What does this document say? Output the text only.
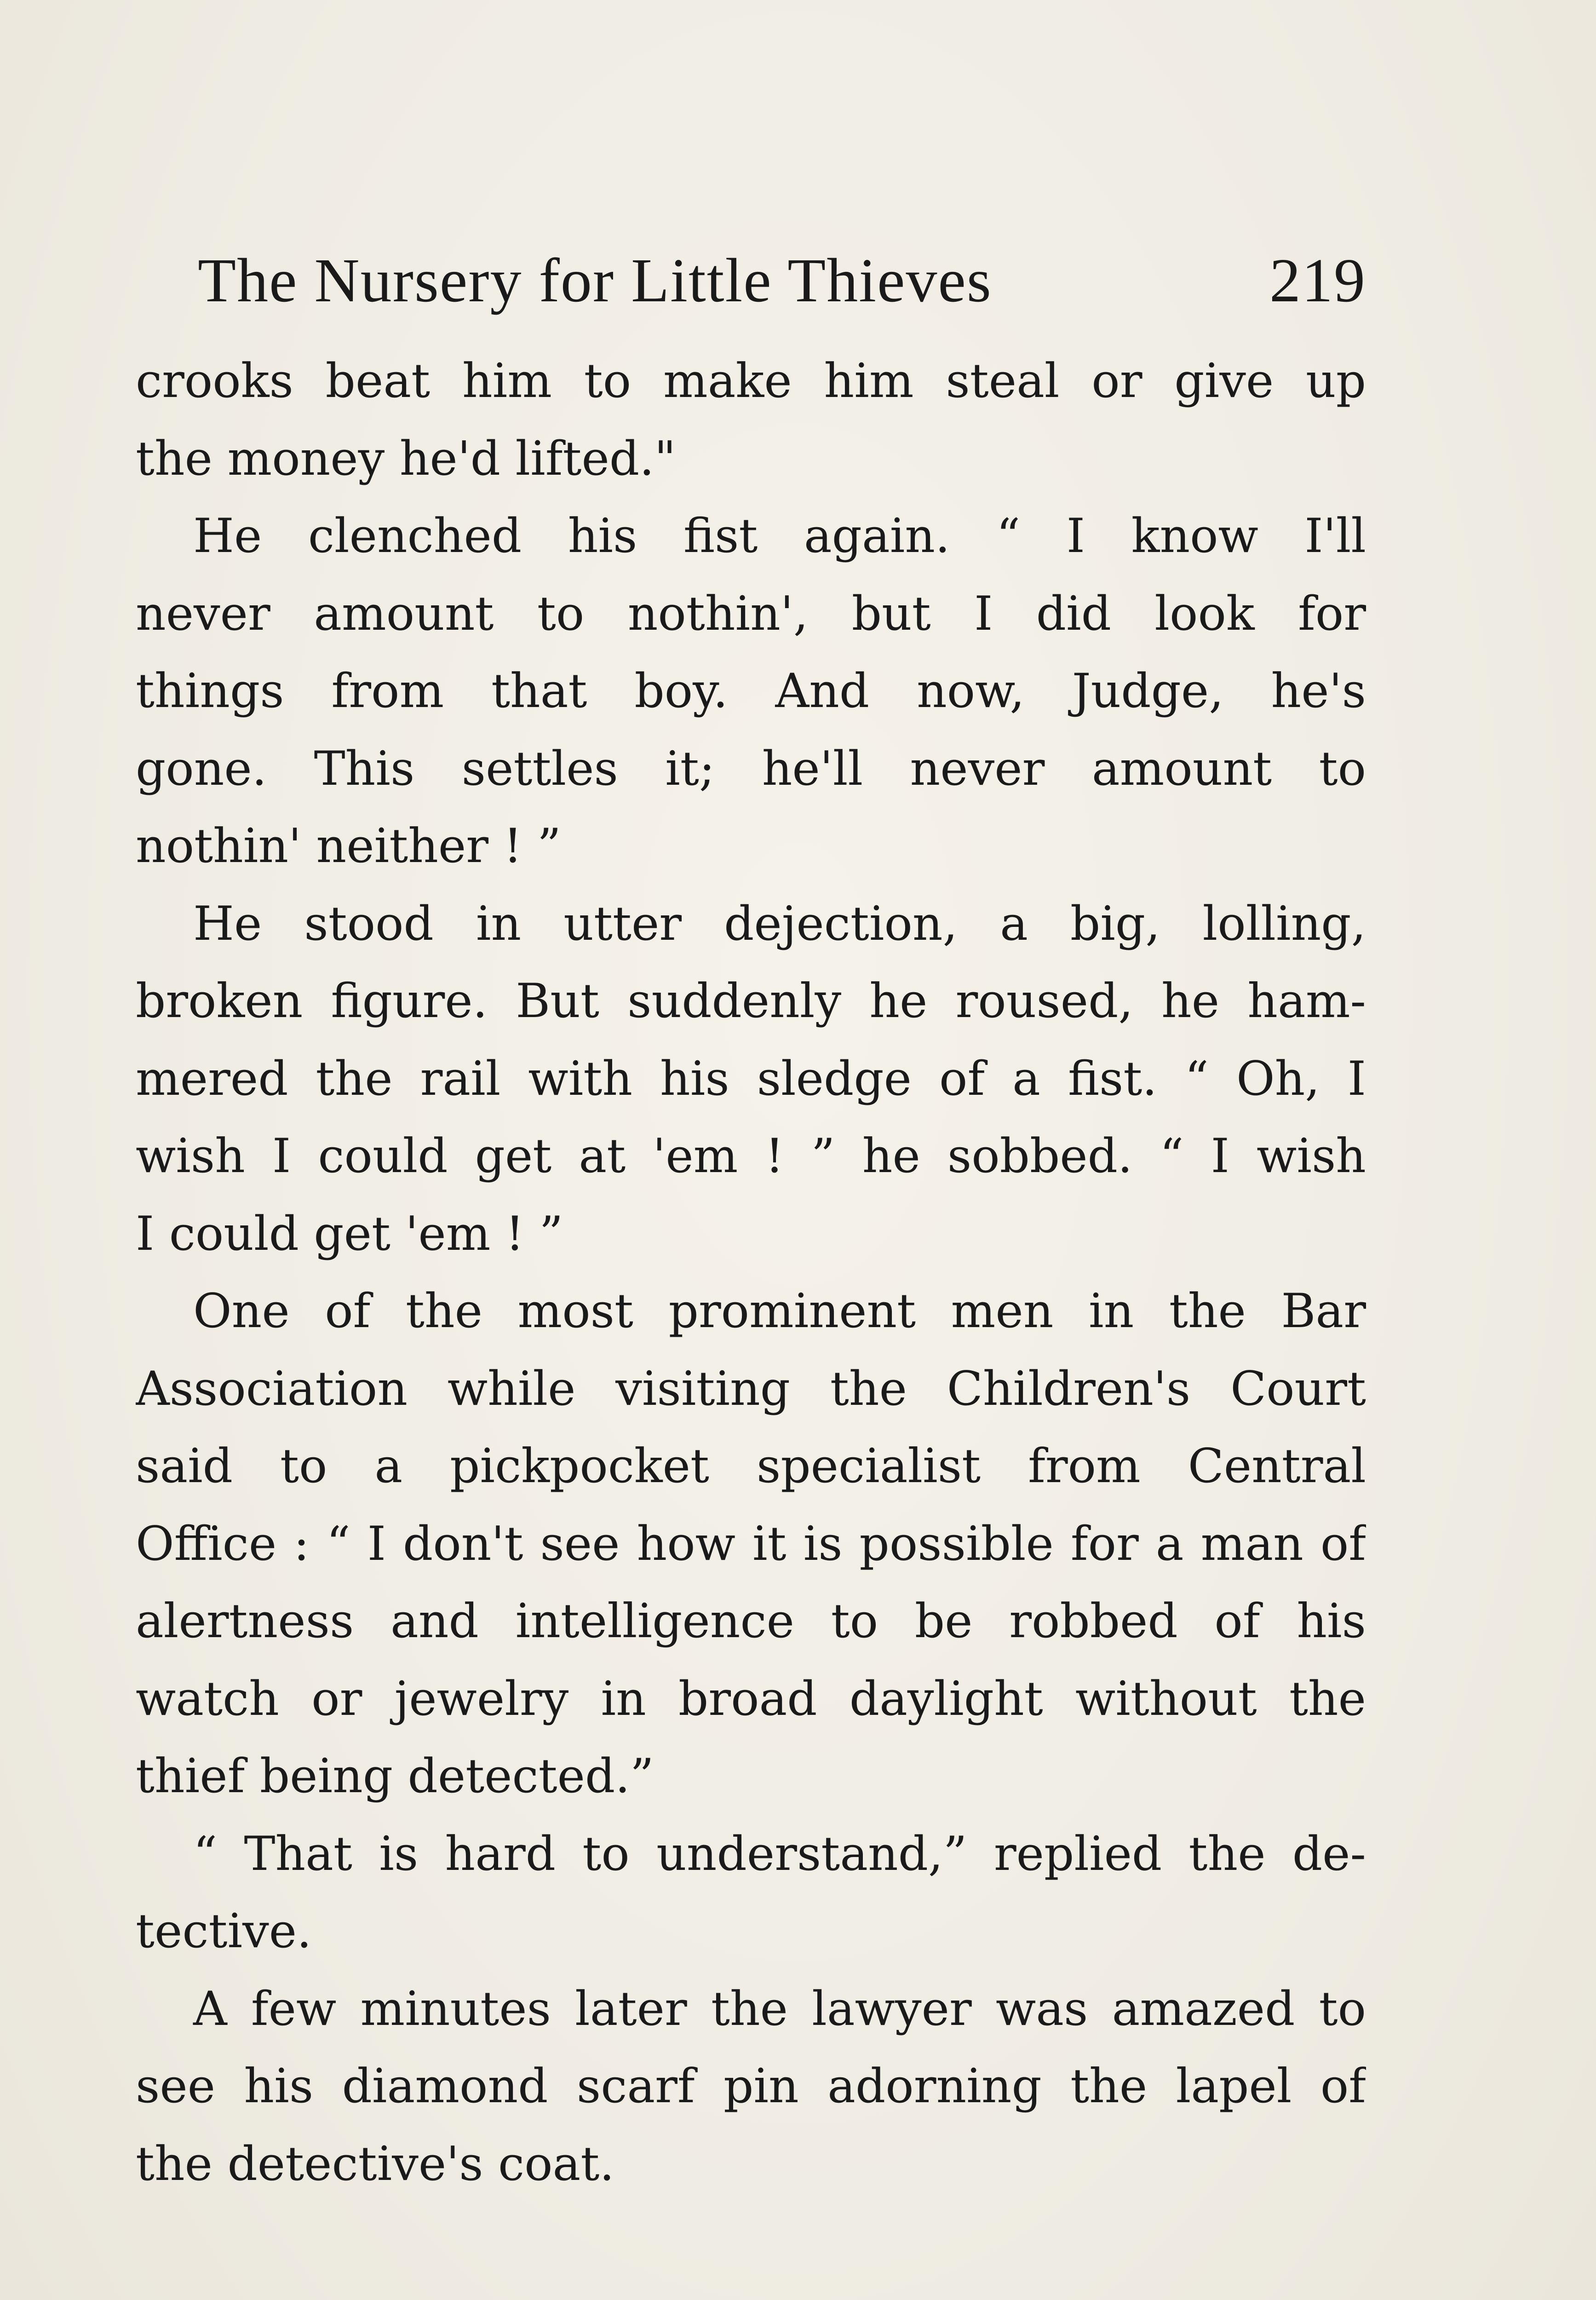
The Nursery for Little Thieves	219
crooks beat him to make him steal or give up
the money he'd lifted."
He clenched his fist again. “ I know I'll
never amount to nothin', but I did look for
things from that boy. And now, Judge, he's
gone. This settles it; he'll never amount to
nothin' neither ! ”
He stood in utter dejection, a big, lolling,
broken figure. But suddenly he roused, he ham-
mered the rail with his sledge of a fist. “ Oh, I
wish I could get at 'em ! ” he sobbed. “ I wish
I could get 'em ! ”
One of the most prominent men in the Bar
Association while visiting the Children's Court
said to a pickpocket specialist from Central
Office : “ I don't see how it is possible for a man of
alertness and intelligence to be robbed of his
watch or jewelry in broad daylight without the
thief being detected.”
“ That is hard to understand,” replied the de-
tective.
A few minutes later the lawyer was amazed to
see his diamond scarf pin adorning the lapel of
the detective's coat.
